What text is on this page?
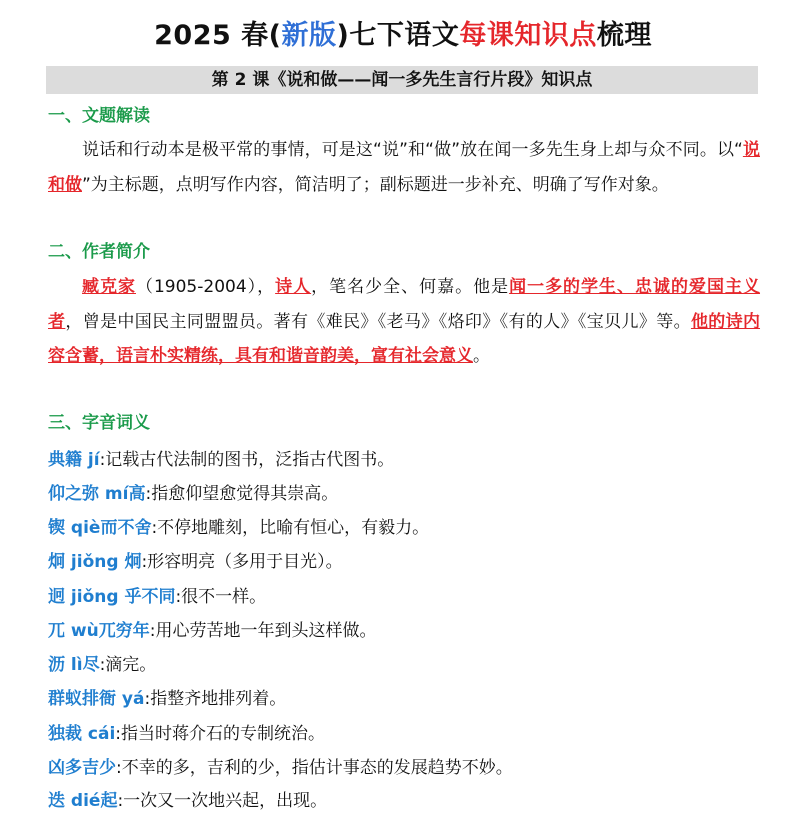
2025 春(新版)七下语文每课知识点梳理
第 2 课《说和做——闻一多先生言行片段》知识点
一、文题解读

说话和行动本是极平常的事情，可是这“说”和“做”放在闻一多先生身上却与众不同。以“说和做”为主标题，点明写作内容，简洁明了；副标题进一步补充、明确了写作对象。

二、作者简介

臧克家（1905-2004），诗人，笔名少全、何嘉。他是闻一多的学生、忠诚的爱国主义者，曾是中国民主同盟盟员。著有《难民》《老马》《烙印》《有的人》《宝贝儿》等。他的诗内容含蓄，语言朴实精练，具有和谐音韵美，富有社会意义。

三、字音词义
典籍 jí:记载古代法制的图书，泛指古代图书。
仰之弥 mí高:指愈仰望愈觉得其崇高。
锲 qiè而不舍:不停地雕刻，比喻有恒心，有毅力。
炯 jiǒng 炯:形容明亮（多用于目光）。
迥 jiǒng 乎不同:很不一样。
兀 wù兀穷年:用心劳苦地一年到头这样做。
沥 lì尽:滴完。
群蚁排衙 yá:指整齐地排列着。
独裁 cái:指当时蒋介石的专制统治。
凶多吉少:不幸的多，吉利的少，指估计事态的发展趋势不妙。
迭 dié起:一次又一次地兴起，出现。
